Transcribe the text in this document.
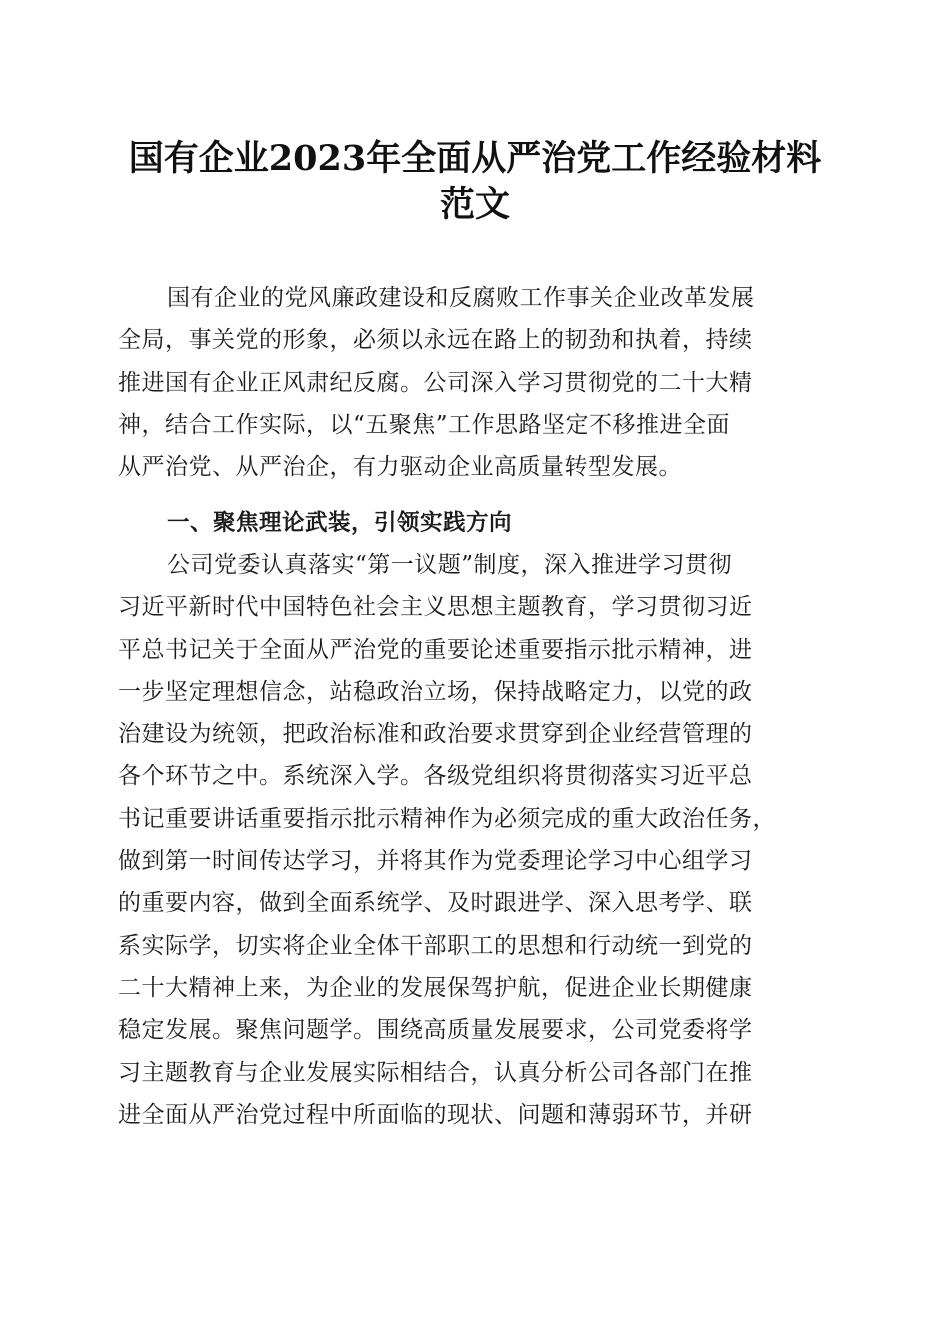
国有企业2023年全面从严治党工作经验材料
范文
国有企业的党风廉政建设和反腐败工作事关企业改革发展
全局，事关党的形象，必须以永远在路上的韧劲和执着，持续
推进国有企业正风肃纪反腐。公司深入学习贯彻党的二十大精
神，结合工作实际，以“五聚焦”工作思路坚定不移推进全面
从严治党、从严治企，有力驱动企业高质量转型发展。
一、聚焦理论武装，引领实践方向
公司党委认真落实“第一议题”制度，深入推进学习贯彻
习近平新时代中国特色社会主义思想主题教育，学习贯彻习近
平总书记关于全面从严治党的重要论述重要指示批示精神，进
一步坚定理想信念，站稳政治立场，保持战略定力，以党的政
治建设为统领，把政治标准和政治要求贯穿到企业经营管理的
各个环节之中。系统深入学。各级党组织将贯彻落实习近平总
书记重要讲话重要指示批示精神作为必须完成的重大政治任务，
做到第一时间传达学习，并将其作为党委理论学习中心组学习
的重要内容，做到全面系统学、及时跟进学、深入思考学、联
系实际学，切实将企业全体干部职工的思想和行动统一到党的
二十大精神上来，为企业的发展保驾护航，促进企业长期健康
稳定发展。聚焦问题学。围绕高质量发展要求，公司党委将学
习主题教育与企业发展实际相结合，认真分析公司各部门在推
进全面从严治党过程中所面临的现状、问题和薄弱环节，并研
